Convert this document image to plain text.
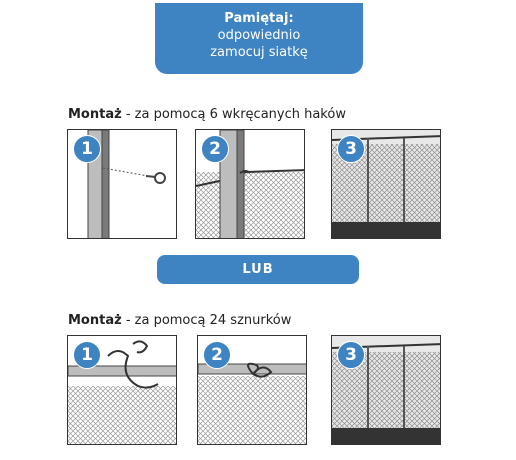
Pamiętaj:
odpowiednio
zamocuj siatkę
Montaż - za pomocą 6 wkręcanych haków
1	2	3
LUB
Montaż - za pomocą 24 sznurków
1	2	3
